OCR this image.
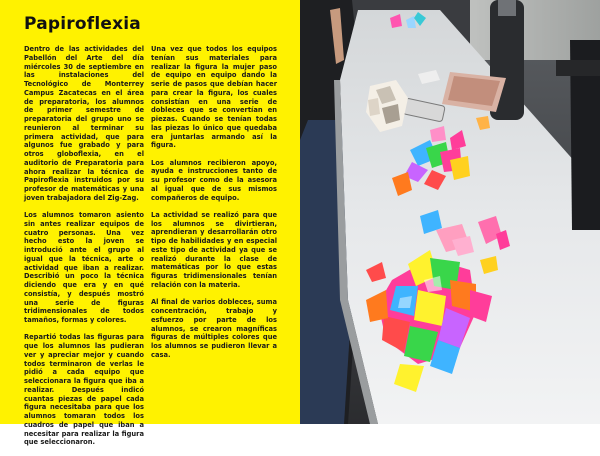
Papiroflexia

Dentro de las actividades del Pabellón del Arte del día miércoles 30 de septiembre en las instalaciones del Tecnológico de Monterrey Campus Zacatecas en el área de preparatoria, los alumnos de primer semestre de preparatoria del grupo uno se reunieron al terminar su primera actividad, que para algunos fue grabado y para otros globoflexia, en el auditorio de Preparatoria para ahora realizar la técnica de Papiroflexia instruidos por su profesor de matemáticas y una joven trabajadora del Zig-Zag.

Los alumnos tomaron asiento sin antes realizar equipos de cuatro personas. Una vez hecho esto la joven se introdució ante el grupo al igual que la técnica, arte o actividad que iban a realizar. Describió un poco la técnica diciendo que era y en qué consistía, y después mostró una serie de figuras tridimensionales de todos tamaños, formas y colores.

Repartió todas las figuras para que los alumnos las pudieran ver y apreciar mejor y cuando todos terminaron de verlas le pidió a cada equipo que seleccionara la figura que iba a realizar. Después indicó cuantas piezas de papel cada figura necesitaba para que los alumnos tomaran todos los cuadros de papel que iban a necesitar para realizar la figura que seleccionaron.

Una vez que todos los equipos tenían sus materiales para realizar la figura la mujer paso de equipo en equipo dando la serie de pasos que debían hacer para crear la figura, los cuales consistían en una serie de dobleces que se convertían en piezas. Cuando se tenían todas las piezas lo único que quedaba era juntarlas armando así la figura.

Los alumnos recibieron apoyo, ayuda e instrucciones tanto de su profesor como de la asesora al igual que de sus mismos compañeros de equipo.

La actividad se realizó para que los alumnos se divirtieran, aprendieran y desarrollarán otro tipo de habilidades y en especial este tipo de actividad ya que se realizó durante la clase de matemáticas por lo que estas figuras tridimensionales tenían relación con la materia.

Al final de varios dobleces, suma concentración, trabajo y esfuerzo por parte de los alumnos, se crearon magníficas figuras de múltiples colores que los alumnos se pudieron llevar a casa.
